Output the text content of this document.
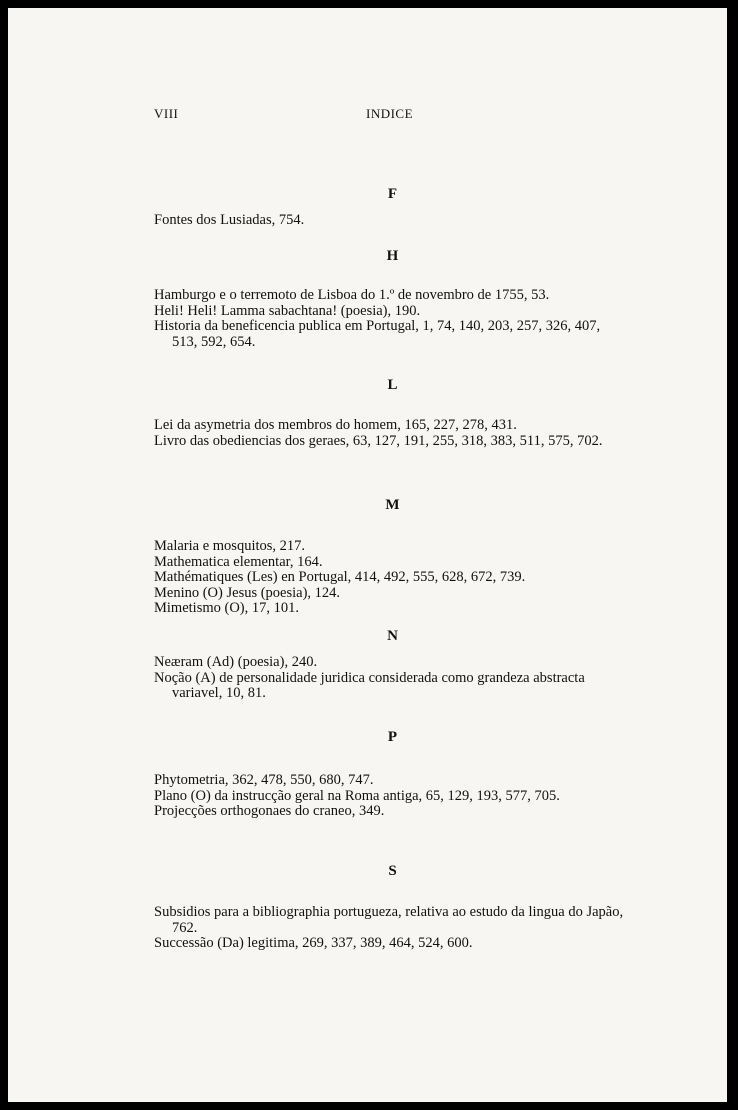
VIII	INDICE
F

Fontes dos Lusiadas, 754.

H

Hamburgo e o terremoto de Lisboa do 1.º de novembro de 1755, 53.

Heli! Heli! Lamma sabachtana! (poesia), 190.

Historia da beneficencia publica em Portugal, 1, 74, 140, 203, 257, 326, 407, 513, 592, 654.

L

Lei da asymetria dos membros do homem, 165, 227, 278, 431.

Livro das obediencias dos geraes, 63, 127, 191, 255, 318, 383, 511, 575, 702.

M

Malaria e mosquitos, 217.

Mathematica elementar, 164.

Mathématiques (Les) en Portugal, 414, 492, 555, 628, 672, 739.

Menino (O) Jesus (poesia), 124.

Mimetismo (O), 17, 101.

N

Neæram (Ad) (poesia), 240.

Noção (A) de personalidade juridica considerada como grandeza abstracta variavel, 10, 81.

P

Phytometria, 362, 478, 550, 680, 747.

Plano (O) da instrucção geral na Roma antiga, 65, 129, 193, 577, 705.

Projecções orthogonaes do craneo, 349.

S

Subsidios para a bibliographia portugueza, relativa ao estudo da lingua do Japão, 762.

Successão (Da) legitima, 269, 337, 389, 464, 524, 600.
